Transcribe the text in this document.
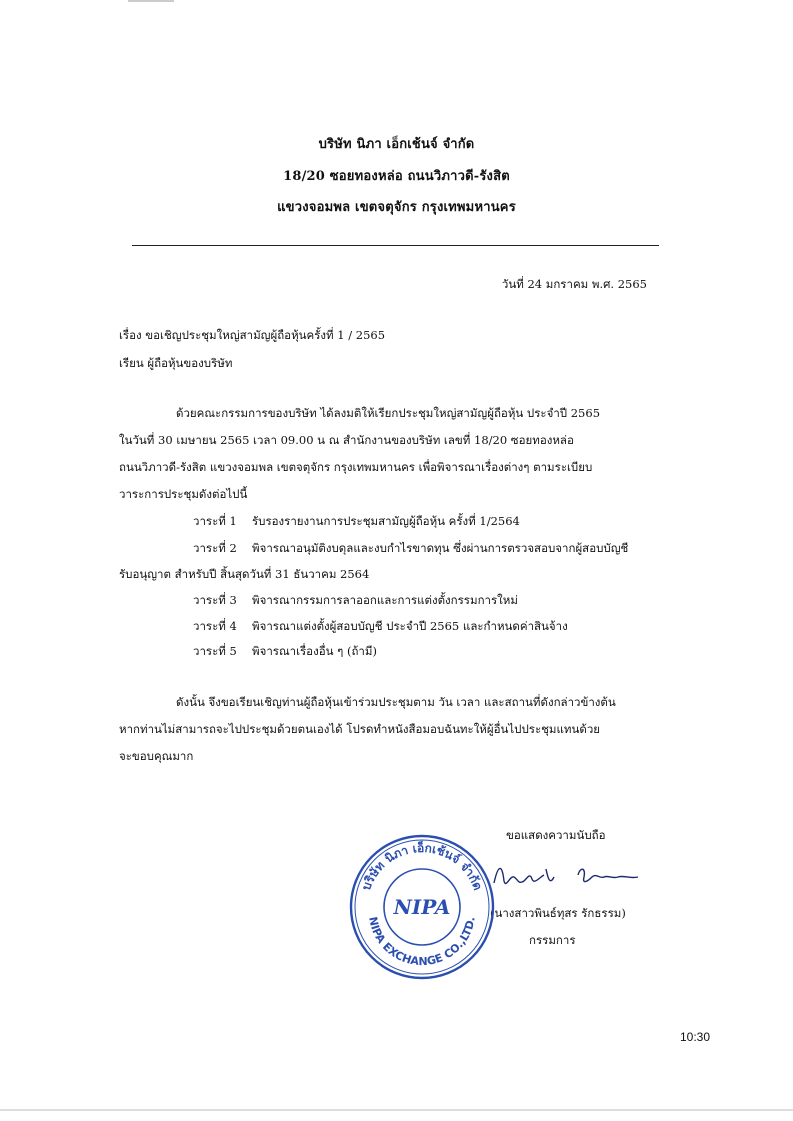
บริษัท นิภา เอ็กเช้นจ์ จำกัด
18/20 ซอยทองหล่อ ถนนวิภาวดี-รังสิต
แขวงจอมพล เขตจตุจักร กรุงเทพมหานคร
วันที่ 24 มกราคม พ.ศ. 2565
เรื่อง ขอเชิญประชุมใหญ่สามัญผู้ถือหุ้นครั้งที่ 1 / 2565
เรียน ผู้ถือหุ้นของบริษัท
ด้วยคณะกรรมการของบริษัท ได้ลงมติให้เรียกประชุมใหญ่สามัญผู้ถือหุ้น ประจำปี 2565
ในวันที่ 30 เมษายน 2565 เวลา 09.00 น ณ สำนักงานของบริษัท เลขที่ 18/20 ซอยทองหล่อ
ถนนวิภาวดี-รังสิต แขวงจอมพล เขตจตุจักร กรุงเทพมหานคร เพื่อพิจารณาเรื่องต่างๆ ตามระเบียบ
วาระการประชุมดังต่อไปนี้
วาระที่ 1 รับรองรายงานการประชุมสามัญผู้ถือหุ้น ครั้งที่ 1/2564
วาระที่ 2 พิจารณาอนุมัติงบดุลและงบกำไรขาดทุน ซึ่งผ่านการตรวจสอบจากผู้สอบบัญชี
รับอนุญาต สำหรับปี สิ้นสุดวันที่ 31 ธันวาคม 2564
วาระที่ 3 พิจารณากรรมการลาออกและการแต่งตั้งกรรมการใหม่
วาระที่ 4 พิจารณาแต่งตั้งผู้สอบบัญชี ประจำปี 2565 และกำหนดค่าสินจ้าง
วาระที่ 5 พิจารณาเรื่องอื่น ๆ (ถ้ามี)
ดังนั้น จึงขอเรียนเชิญท่านผู้ถือหุ้นเข้าร่วมประชุมตาม วัน เวลา และสถานที่ดังกล่าวข้างต้น
หากท่านไม่สามารถจะไปประชุมด้วยตนเองได้ โปรดทำหนังสือมอบฉันทะให้ผู้อื่นไปประชุมแทนด้วย
จะขอบคุณมาก
ขอแสดงความนับถือ
(นางสาวพินธ์ทุสร รักธรรม)
กรรมการ
บริษัท นิภา เอ็กเช้นจ์ จำกัด
NIPA EXCHANGE CO.,LTD.
NIPA
10:30
